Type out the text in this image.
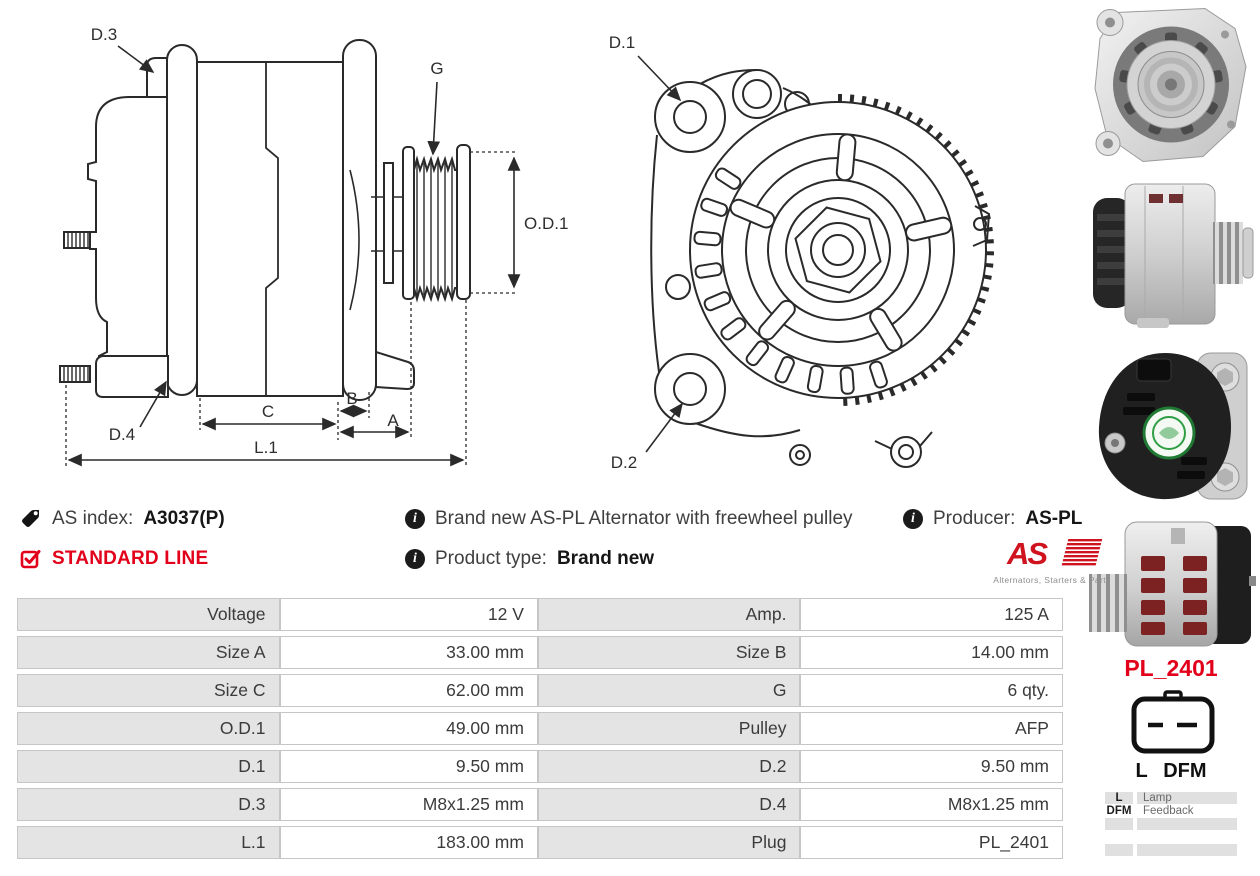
D.3
D.4
G
O.D.1
C
B
A
L.1
D.1
D.2
AS index: A3037(P)
STANDARD LINE
i
Brand new AS-PL Alternator with freewheel pulley
i
Product type: Brand new
i
Producer: AS-PL
AS
Alternators, Starters & Parts
Voltage	12 V	Amp.	125 A
Size A	33.00 mm	Size B	14.00 mm
Size C	62.00 mm	G	6 qty.
O.D.1	49.00 mm	Pulley	AFP
D.1	9.50 mm	D.2	9.50 mm
D.3	M8x1.25 mm	D.4	M8x1.25 mm
L.1	183.00 mm	Plug	PL_2401
PL_2401
L DFM
L	Lamp
DFM	Feedback
